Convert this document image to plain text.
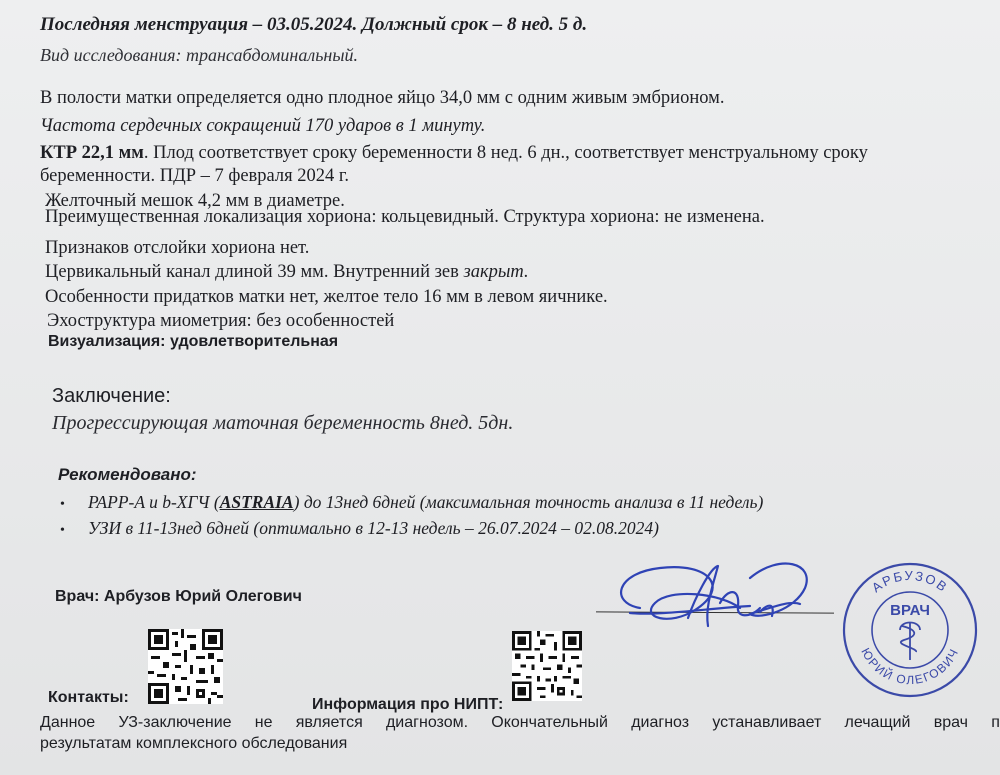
Последняя менструация – 03.05.2024. Должный срок – 8 нед. 5 д.
Вид исследования: трансабдоминальный.
В полости матки определяется одно плодное яйцо 34,0 мм с одним живым эмбрионом.
Частота сердечных сокращений 170 ударов в 1 минуту.
КТР 22,1 мм. Плод соответствует сроку беременности 8 нед. 6 дн., соответствует менструальному сроку
беременности. ПДР – 7 февраля 2024 г.
Желточный мешок 4,2 мм в диаметре.
Преимущественная локализация хориона: кольцевидный. Структура хориона: не изменена.
Признаков отслойки хориона нет.
Цервикальный канал длиной 39 мм. Внутренний зев закрыт.
Особенности придатков матки нет, желтое тело 16 мм в левом яичнике.
Эхоструктура миометрия: без особенностей
Визуализация: удовлетворительная
Заключение:
Прогрессирующая маточная беременность 8нед. 5дн.
Рекомендовано:
• PAPP-A и b-ХГЧ (ASTRAIA) до 13нед 6дней (максимальная точность анализа в 11 недель)
• УЗИ в 11-13нед 6дней (оптимально в 12-13 недель – 26.07.2024 – 02.08.2024)
Врач: Арбузов Юрий Олегович
АРБУЗОВ
ЮРИЙ ОЛЕГОВИЧ
ВРАЧ
Контакты:	Информация про НИПТ:
Данное УЗ-заключение не является диагнозом. Окончательный диагноз устанавливает лечащий врач п
результатам комплексного обследования
